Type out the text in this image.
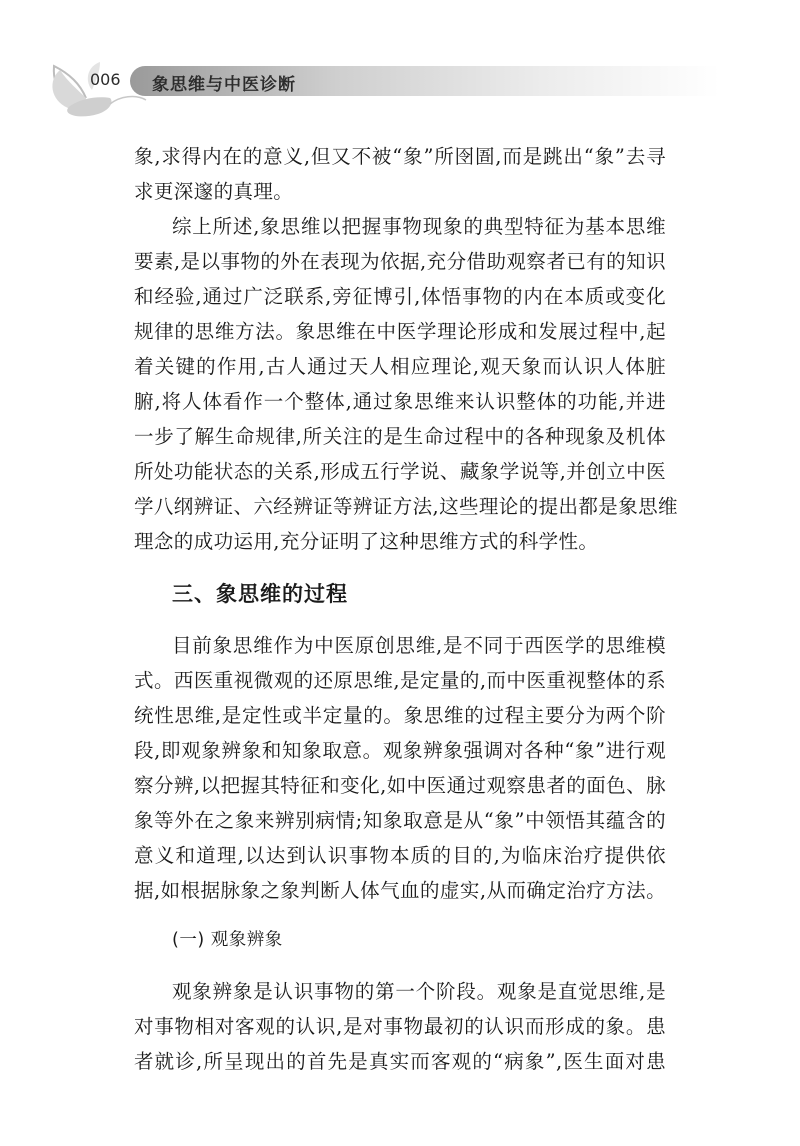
006 象思维与中医诊断
象,求得内在的意义,但又不被“象”所囹圄,而是跳出“象”去寻
求更深邃的真理。
综上所述,象思维以把握事物现象的典型特征为基本思维
要素,是以事物的外在表现为依据,充分借助观察者已有的知识
和经验,通过广泛联系,旁征博引,体悟事物的内在本质或变化
规律的思维方法。象思维在中医学理论形成和发展过程中,起
着关键的作用,古人通过天人相应理论,观天象而认识人体脏
腑,将人体看作一个整体,通过象思维来认识整体的功能,并进
一步了解生命规律,所关注的是生命过程中的各种现象及机体
所处功能状态的关系,形成五行学说、藏象学说等,并创立中医
学八纲辨证、六经辨证等辨证方法,这些理论的提出都是象思维
理念的成功运用,充分证明了这种思维方式的科学性。
三、象思维的过程
目前象思维作为中医原创思维,是不同于西医学的思维模
式。西医重视微观的还原思维,是定量的,而中医重视整体的系
统性思维,是定性或半定量的。象思维的过程主要分为两个阶
段,即观象辨象和知象取意。观象辨象强调对各种“象”进行观
察分辨,以把握其特征和变化,如中医通过观察患者的面色、脉
象等外在之象来辨别病情;知象取意是从“象”中领悟其蕴含的
意义和道理,以达到认识事物本质的目的,为临床治疗提供依
据,如根据脉象之象判断人体气血的虚实,从而确定治疗方法。
(一) 观象辨象
观象辨象是认识事物的第一个阶段。观象是直觉思维,是
对事物相对客观的认识,是对事物最初的认识而形成的象。患
者就诊,所呈现出的首先是真实而客观的“病象”,医生面对患
